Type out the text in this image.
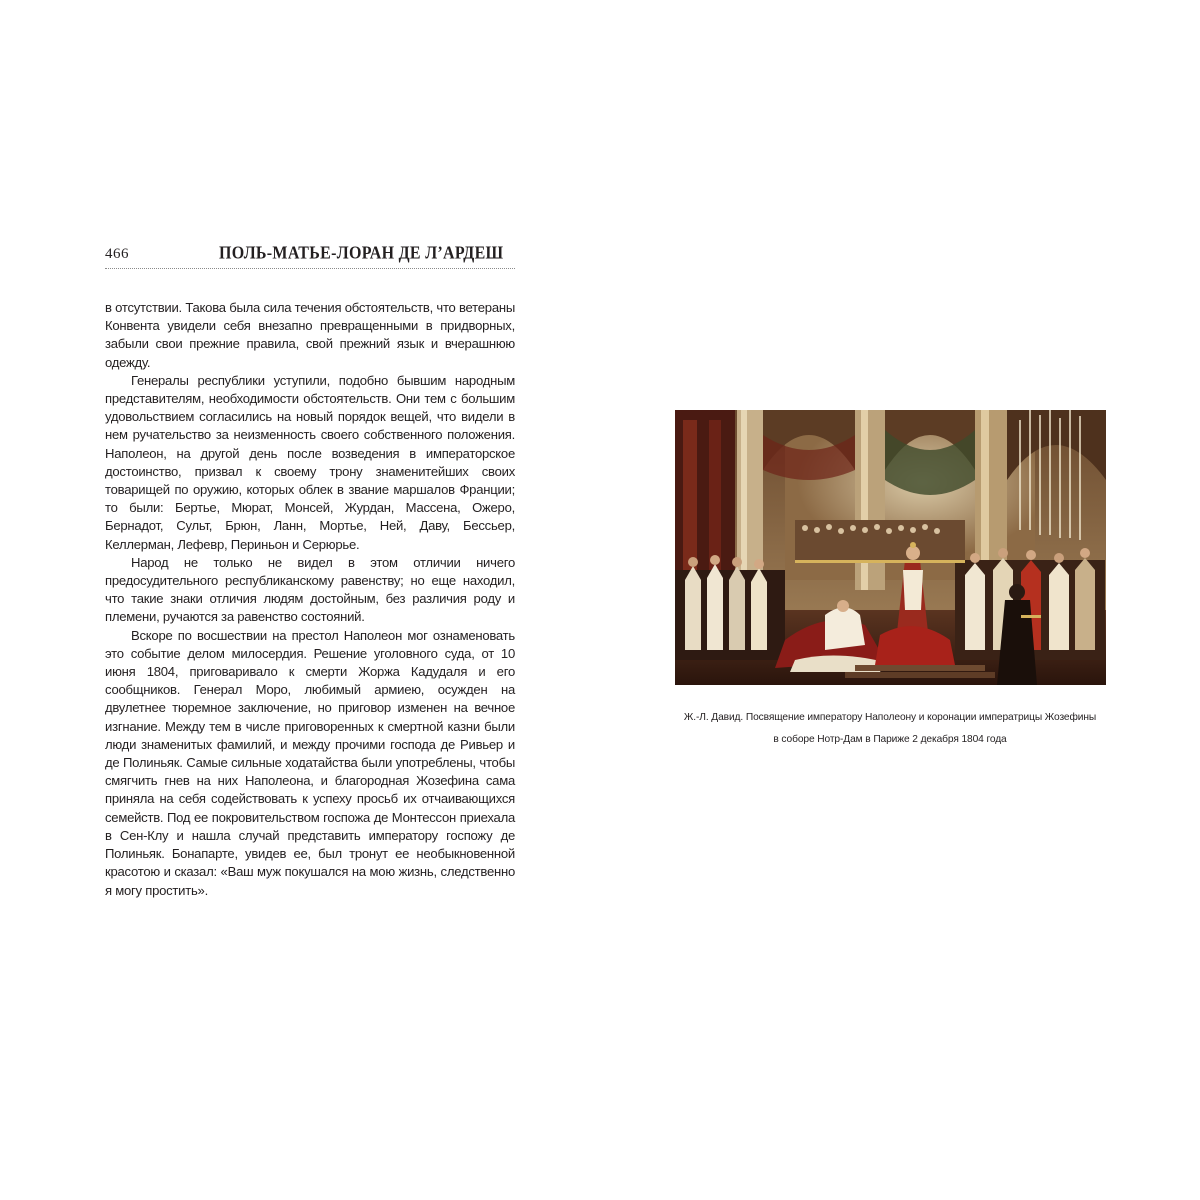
466	ПОЛЬ-МАТЬЕ-ЛОРАН ДЕ Л’АРДЕШ

в отсутствии. Такова была сила течения обстоятельств, что ветераны Конвента увидели себя внезапно превращенными в придворных, забыли свои прежние правила, свой прежний язык и вчерашнюю одежду.

Генералы республики уступили, подобно бывшим народным представителям, необходимости обстоятельств. Они тем с большим удовольствием согласились на новый порядок вещей, что видели в нем ручательство за неизменность своего собственного положения. Наполеон, на другой день после возведения в императорское достоинство, призвал к своему трону знаменитейших своих товарищей по оружию, которых облек в звание маршалов Франции; то были: Бертье, Мюрат, Монсей, Журдан, Массена, Ожеро, Бернадот, Сульт, Брюн, Ланн, Мортье, Ней, Даву, Бессьер, Келлерман, Лефевр, Периньон и Серюрье.

Народ не только не видел в этом отличии ничего предосудительного республиканскому равенству; но еще находил, что такие знаки отличия людям достойным, без различия роду и племени, ручаются за равенство состояний.

Вскоре по восшествии на престол Наполеон мог ознаменовать это событие делом милосердия. Решение уголовного суда, от 10 июня 1804, приговаривало к смерти Жоржа Кадудаля и его сообщников. Генерал Моро, любимый армиею, осужден на двулетнее тюремное заключение, но приговор изменен на вечное изгнание. Между тем в числе приговоренных к смертной казни были люди знаменитых фамилий, и между прочими господа де Ривьер и де Полиньяк. Самые сильные ходатайства были употреблены, чтобы смягчить гнев на них Наполеона, и благородная Жозефина сама приняла на себя содействовать к успеху просьб их отчаивающихся семейств. Под ее покровительством госпожа де Монтессон приехала в Сен-Клу и нашла случай представить императору госпожу де Полиньяк. Бонапарте, увидев ее, был тронут ее необыкновенной красотою и сказал: «Ваш муж покушался на мою жизнь, следственно я могу простить».

Ж.-Л. Давид. Посвящение императору Наполеону и коронации императрицы Жозефины
в соборе Нотр-Дам в Париже 2 декабря 1804 года
